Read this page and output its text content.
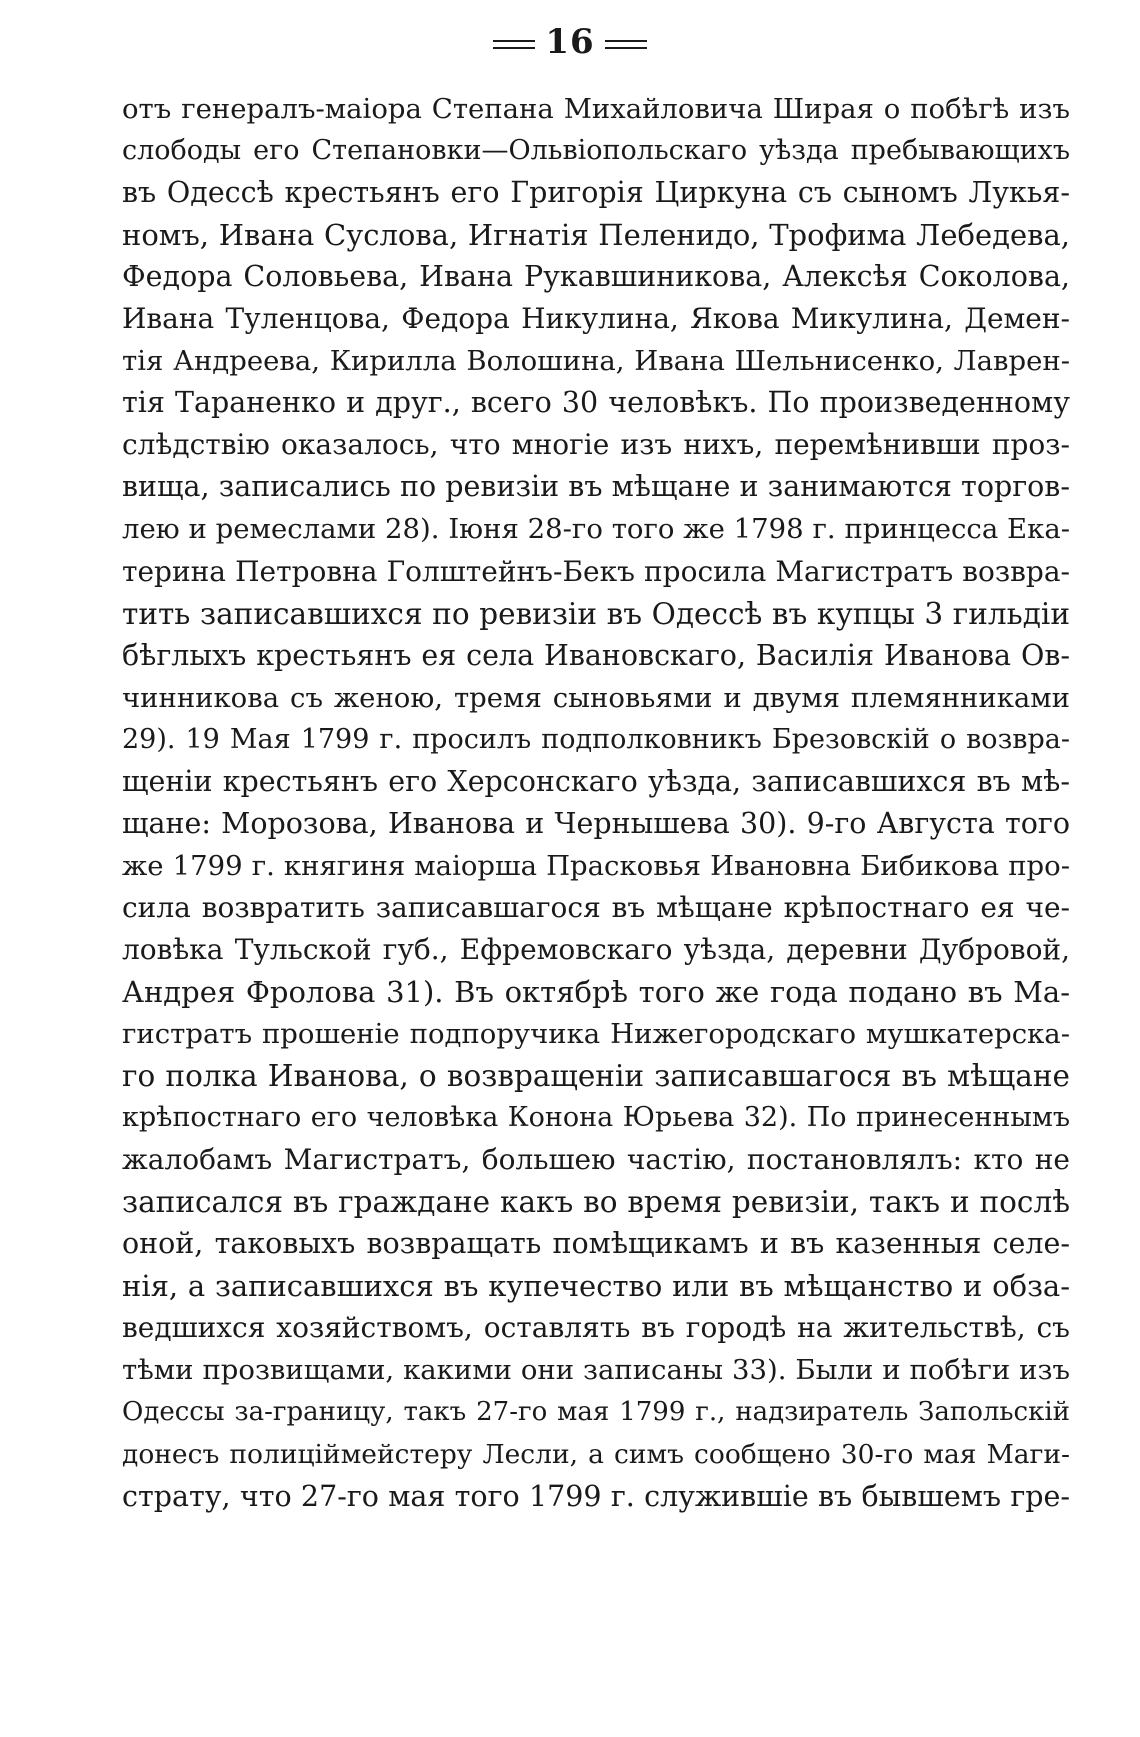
16
отъ генералъ-маіора Степана Михайловича Ширая о побѣгѣ изъ
слободы его Степановки—Ольвіопольскаго уѣзда пребывающихъ
въ Одессѣ крестьянъ его Григорія Циркуна съ сыномъ Лукья-
номъ, Ивана Суслова, Игнатія Пеленидо, Трофима Лебедева,
Федора Соловьева, Ивана Рукавшиникова, Алексѣя Соколова,
Ивана Туленцова, Федора Никулина, Якова Микулина, Демен-
тія Андреева, Кирилла Волошина, Ивана Шельнисенко, Лаврен-
тія Тараненко и друг., всего 30 человѣкъ. По произведенному
слѣдствію оказалось, что многіе изъ нихъ, перемѣнивши проз-
вища, записались по ревизіи въ мѣщане и занимаются торгов-
лею и ремеслами 28). Іюня 28-го того же 1798 г. принцесса Ека-
терина Петровна Голштейнъ-Бекъ просила Магистратъ возвра-
тить записавшихся по ревизіи въ Одессѣ въ купцы 3 гильдіи
бѣглыхъ крестьянъ ея села Ивановскаго, Василія Иванова Ов-
чинникова съ женою, тремя сыновьями и двумя племянниками
29). 19 Мая 1799 г. просилъ подполковникъ Брезовскій о возвра-
щеніи крестьянъ его Херсонскаго уѣзда, записавшихся въ мѣ-
щане: Морозова, Иванова и Чернышева 30). 9-го Августа того
же 1799 г. княгиня маіорша Прасковья Ивановна Бибикова про-
сила возвратить записавшагося въ мѣщане крѣпостнаго ея че-
ловѣка Тульской губ., Ефремовскаго уѣзда, деревни Дубровой,
Андрея Фролова 31). Въ октябрѣ того же года подано въ Ма-
гистратъ прошеніе подпоручика Нижегородскаго мушкатерска-
го полка Иванова, о возвращеніи записавшагося въ мѣщане
крѣпостнаго его человѣка Конона Юрьева 32). По принесеннымъ
жалобамъ Магистратъ, большею частію, постановлялъ: кто не
записался въ граждане какъ во время ревизіи, такъ и послѣ
оной, таковыхъ возвращать помѣщикамъ и въ казенныя селе-
нія, а записавшихся въ купечество или въ мѣщанство и обза-
ведшихся хозяйствомъ, оставлять въ городѣ на жительствѣ, съ
тѣми прозвищами, какими они записаны 33). Были и побѣги изъ
Одессы за-границу, такъ 27-го мая 1799 г., надзиратель Запольскій
донесъ полиціймейстеру Лесли, а симъ сообщено 30-го мая Маги-
страту, что 27-го мая того 1799 г. служившіе въ бывшемъ гре-
